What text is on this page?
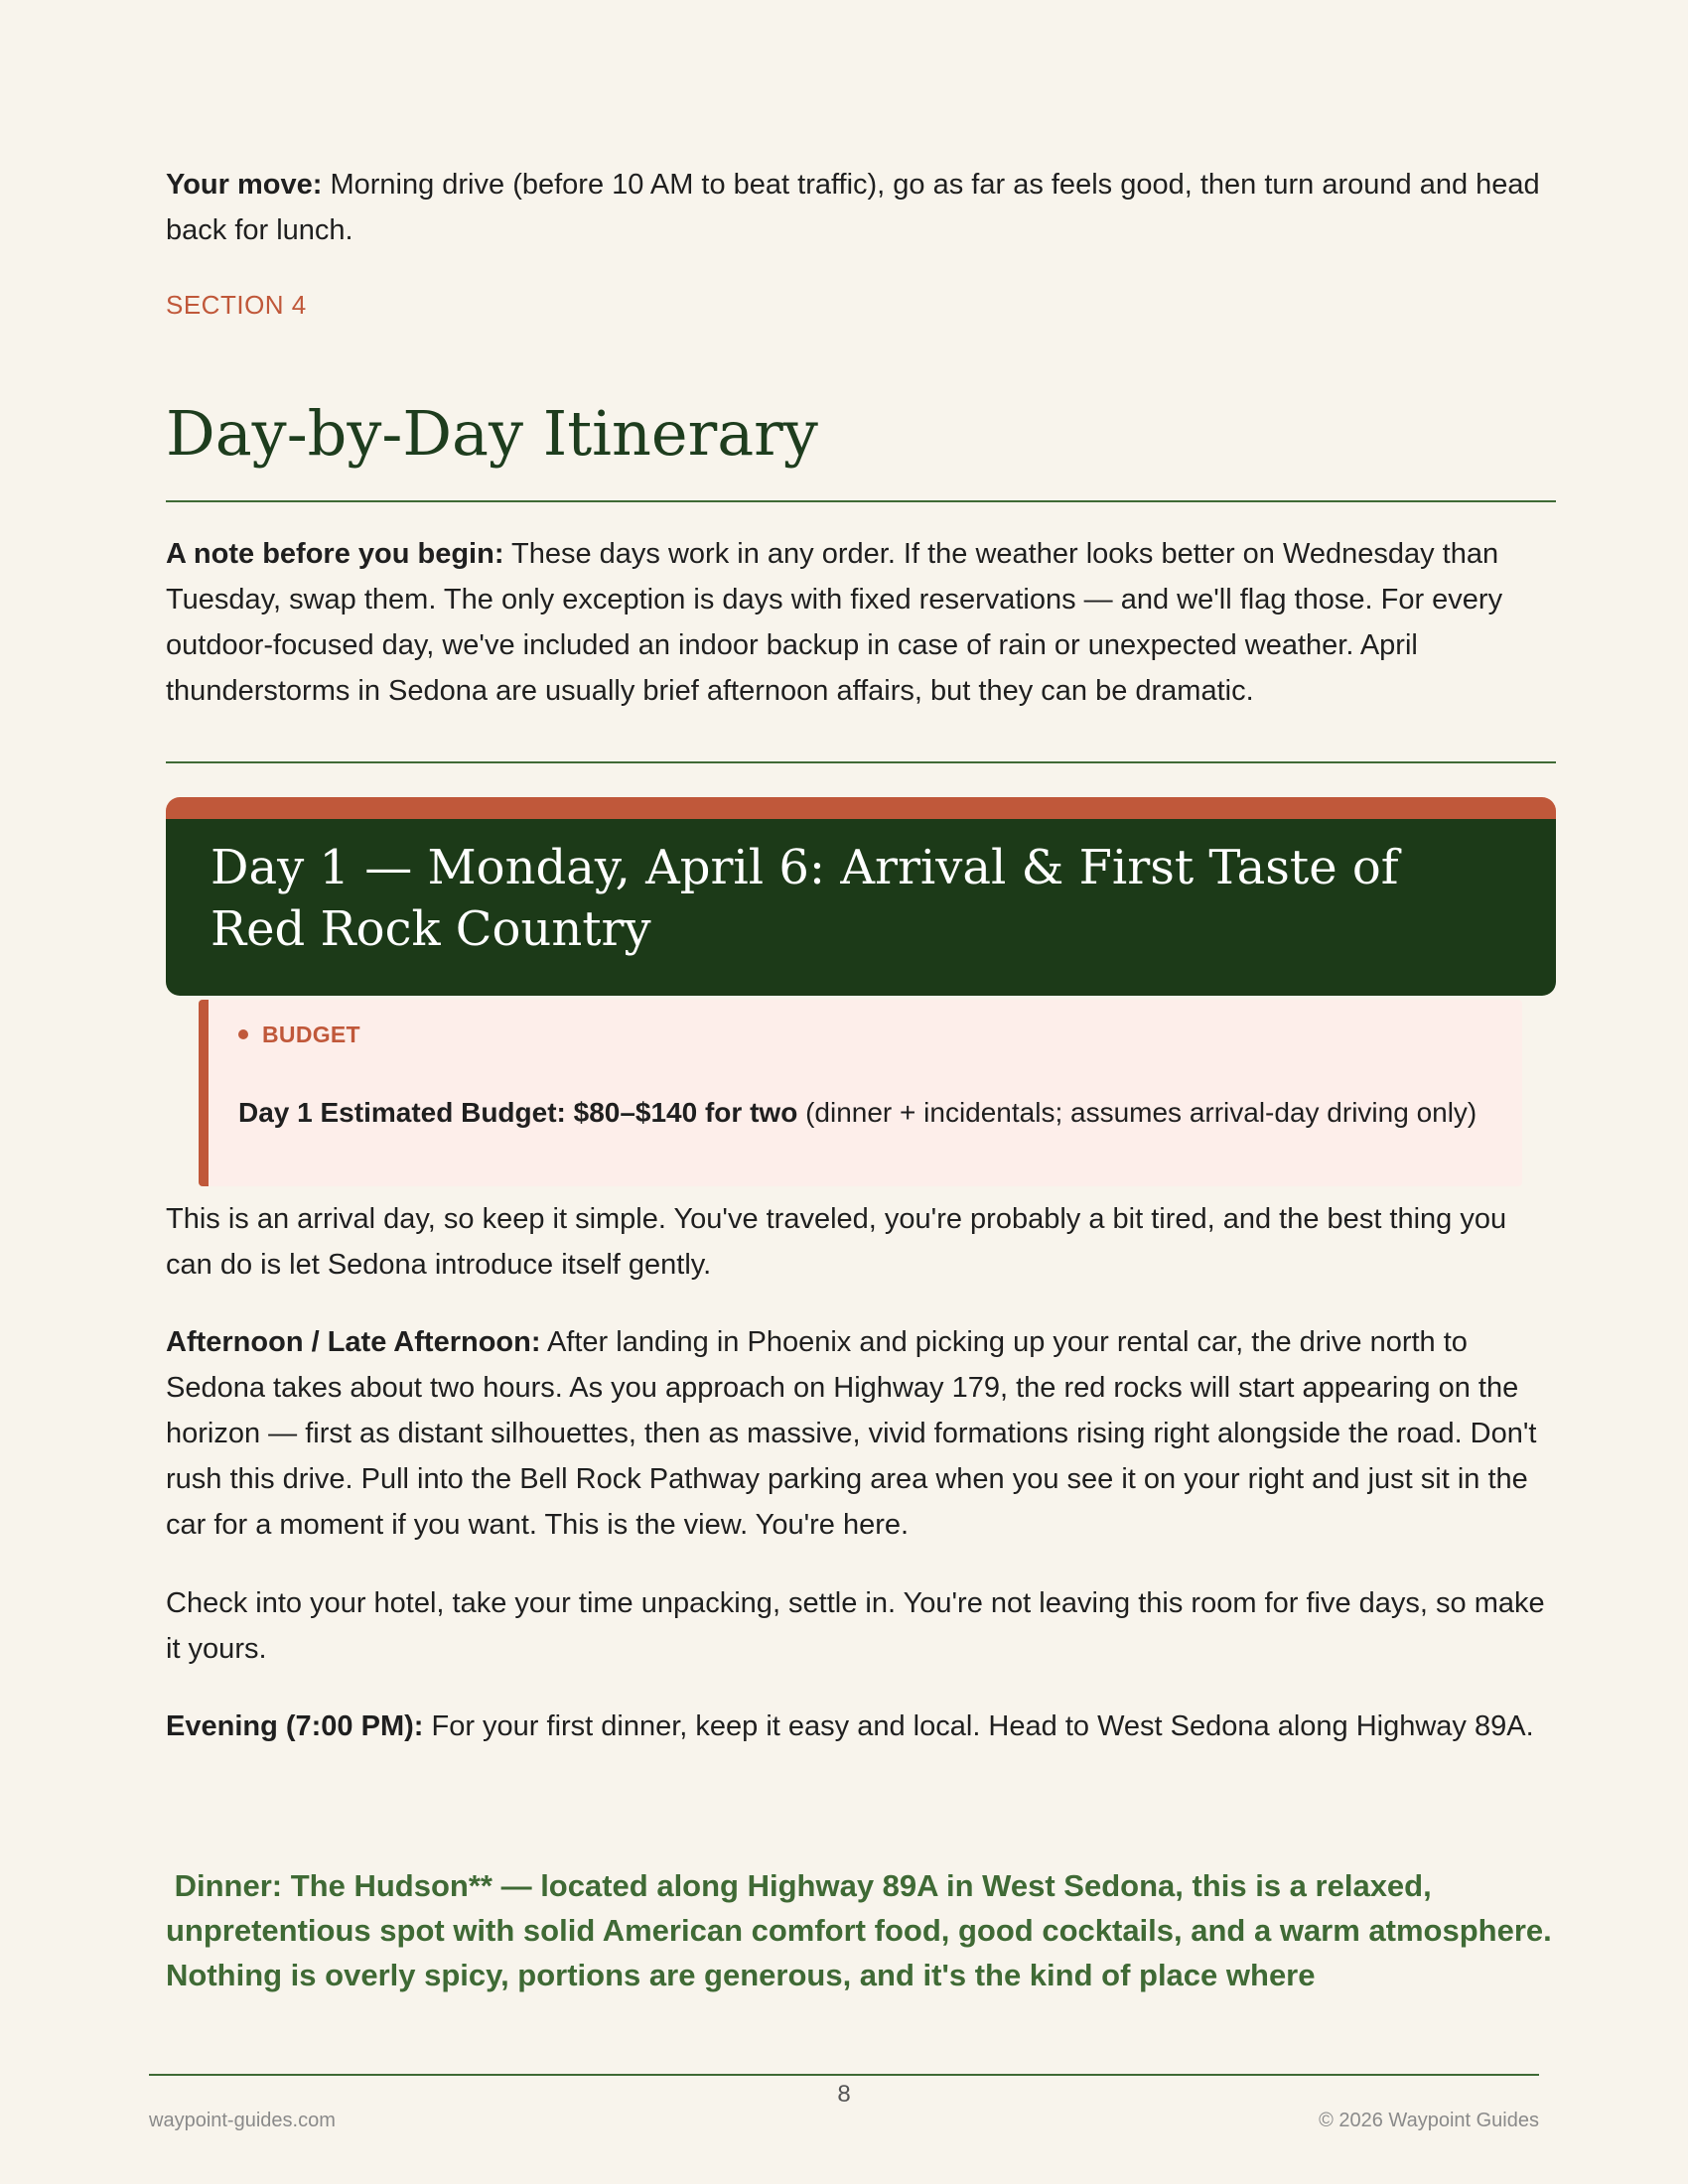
Your move: Morning drive (before 10 AM to beat traffic), go as far as feels good, then turn around and head back for lunch.

SECTION 4
Day-by-Day Itinerary

A note before you begin: These days work in any order. If the weather looks better on Wednesday than Tuesday, swap them. The only exception is days with fixed reservations — and we'll flag those. For every outdoor-focused day, we've included an indoor backup in case of rain or unexpected weather. April thunderstorms in Sedona are usually brief afternoon affairs, but they can be dramatic.

Day 1 — Monday, April 6: Arrival & First Taste of Red Rock Country
BUDGET

Day 1 Estimated Budget: $80–$140 for two (dinner + incidentals; assumes arrival-day driving only)

This is an arrival day, so keep it simple. You've traveled, you're probably a bit tired, and the best thing you can do is let Sedona introduce itself gently.

Afternoon / Late Afternoon: After landing in Phoenix and picking up your rental car, the drive north to Sedona takes about two hours. As you approach on Highway 179, the red rocks will start appearing on the horizon — first as distant silhouettes, then as massive, vivid formations rising right alongside the road. Don't rush this drive. Pull into the Bell Rock Pathway parking area when you see it on your right and just sit in the car for a moment if you want. This is the view. You're here.

Check into your hotel, take your time unpacking, settle in. You're not leaving this room for five days, so make it yours.

Evening (7:00 PM): For your first dinner, keep it easy and local. Head to West Sedona along Highway 89A.

Dinner: The Hudson** — located along Highway 89A in West Sedona, this is a relaxed, unpretentious spot with solid American comfort food, good cocktails, and a warm atmosphere. Nothing is overly spicy, portions are generous, and it's the kind of place where

8
waypoint-guides.com	© 2026 Waypoint Guides
